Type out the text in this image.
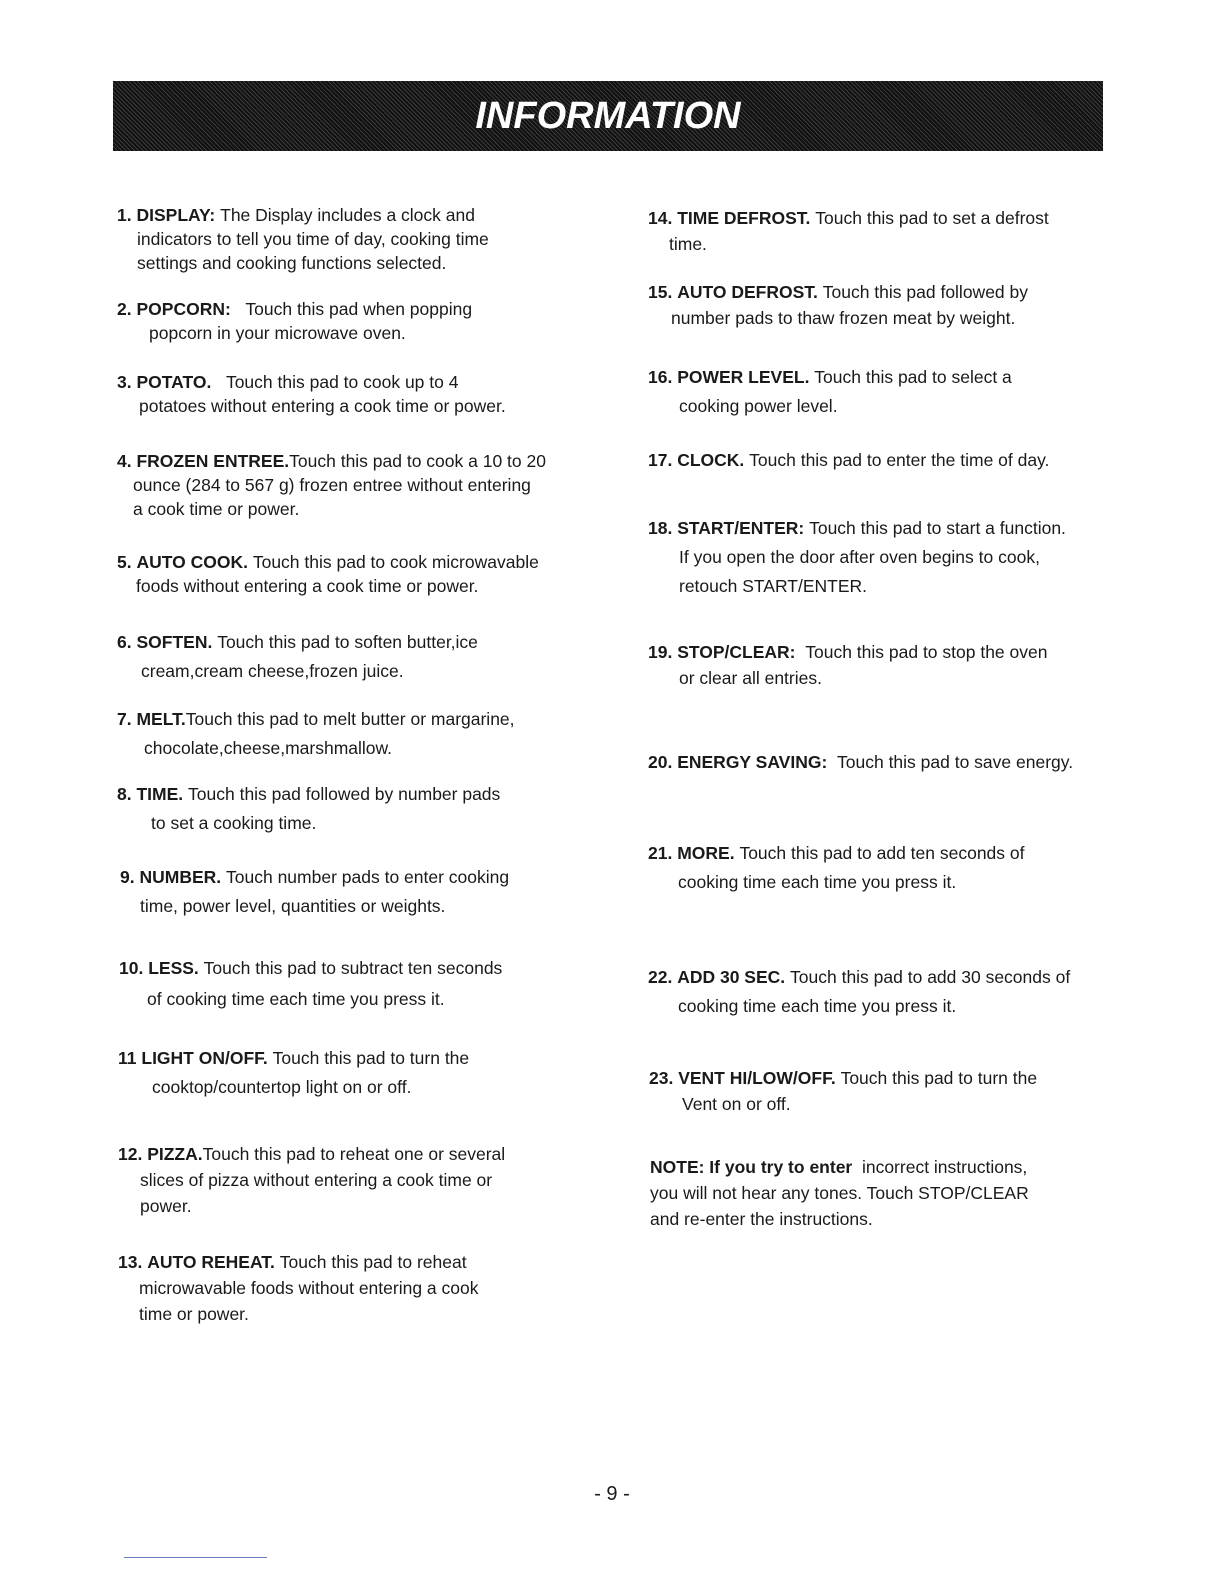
INFORMATION
1. DISPLAY: The Display includes a clock and
indicators to tell you time of day, cooking time
settings and cooking functions selected.
2. POPCORN:   Touch this pad when popping
popcorn in your microwave oven.
3. POTATO.   Touch this pad to cook up to 4
potatoes without entering a cook time or power.
4. FROZEN ENTREE.Touch this pad to cook a 10 to 20
ounce (284 to 567 g) frozen entree without entering
a cook time or power.
5. AUTO COOK. Touch this pad to cook microwavable
foods without entering a cook time or power.
6. SOFTEN. Touch this pad to soften butter,ice
cream,cream cheese,frozen juice.
7. MELT.Touch this pad to melt butter or margarine,
chocolate,cheese,marshmallow.
8. TIME. Touch this pad followed by number pads
to set a cooking time.
9. NUMBER. Touch number pads to enter cooking
time, power level, quantities or weights.
10. LESS. Touch this pad to subtract ten seconds
of cooking time each time you press it.
11 LIGHT ON/OFF. Touch this pad to turn the
cooktop/countertop light on or off.
12. PIZZA.Touch this pad to reheat one or several
slices of pizza without entering a cook time or
power.
13. AUTO REHEAT. Touch this pad to reheat
microwavable foods without entering a cook
time or power.
14. TIME DEFROST. Touch this pad to set a defrost
time.
15. AUTO DEFROST. Touch this pad followed by
number pads to thaw frozen meat by weight.
16. POWER LEVEL. Touch this pad to select a
cooking power level.
17. CLOCK. Touch this pad to enter the time of day.
18. START/ENTER: Touch this pad to start a function.
If you open the door after oven begins to cook,
retouch START/ENTER.
19. STOP/CLEAR:  Touch this pad to stop the oven
or clear all entries.
20. ENERGY SAVING:  Touch this pad to save energy.
21. MORE. Touch this pad to add ten seconds of
cooking time each time you press it.
22. ADD 30 SEC. Touch this pad to add 30 seconds of
cooking time each time you press it.
23. VENT HI/LOW/OFF. Touch this pad to turn the
Vent on or off.
NOTE: If you try to enter  incorrect instructions,
you will not hear any tones. Touch STOP/CLEAR
and re-enter the instructions.
- 9 -
